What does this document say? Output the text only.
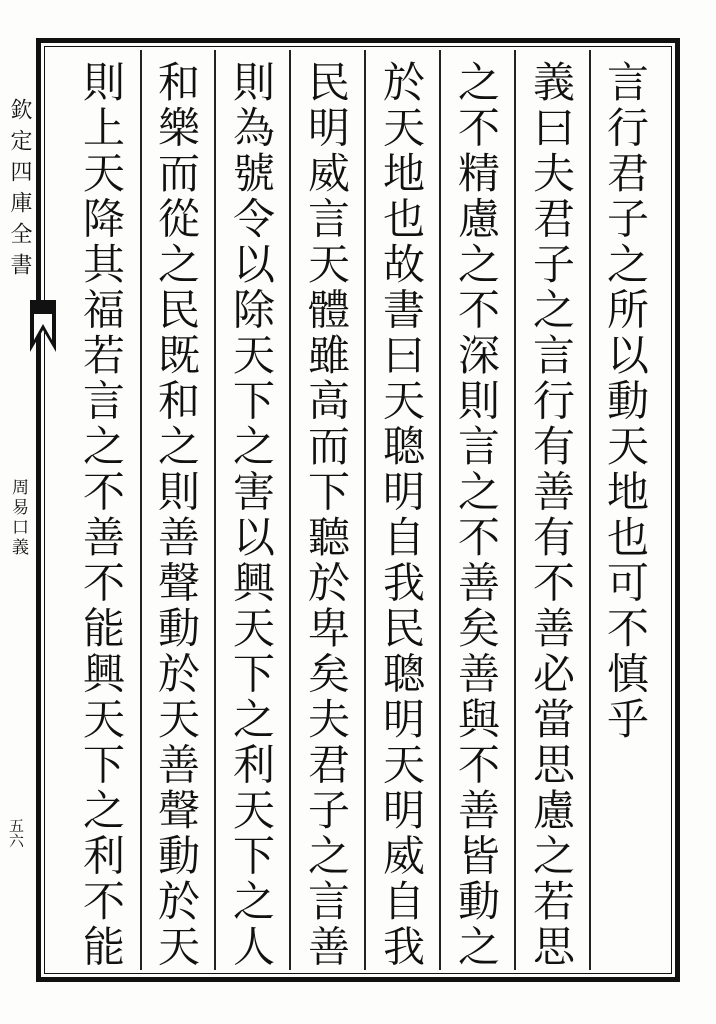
言行君子之所以動天地也可不慎乎
義曰夫君子之言行有善有不善必當思慮之若思
之不精慮之不深則言之不善矣善與不善皆動之
於天地也故書曰天聰明自我民聰明天明威自我
民明威言天體雖高而下聽於卑矣夫君子之言善
則為號令以除天下之害以興天下之利天下之人
和樂而從之民既和之則善聲動於天善聲動於天
則上天降其福若言之不善不能興天下之利不能
欽定四庫全書
周易口義
五六
